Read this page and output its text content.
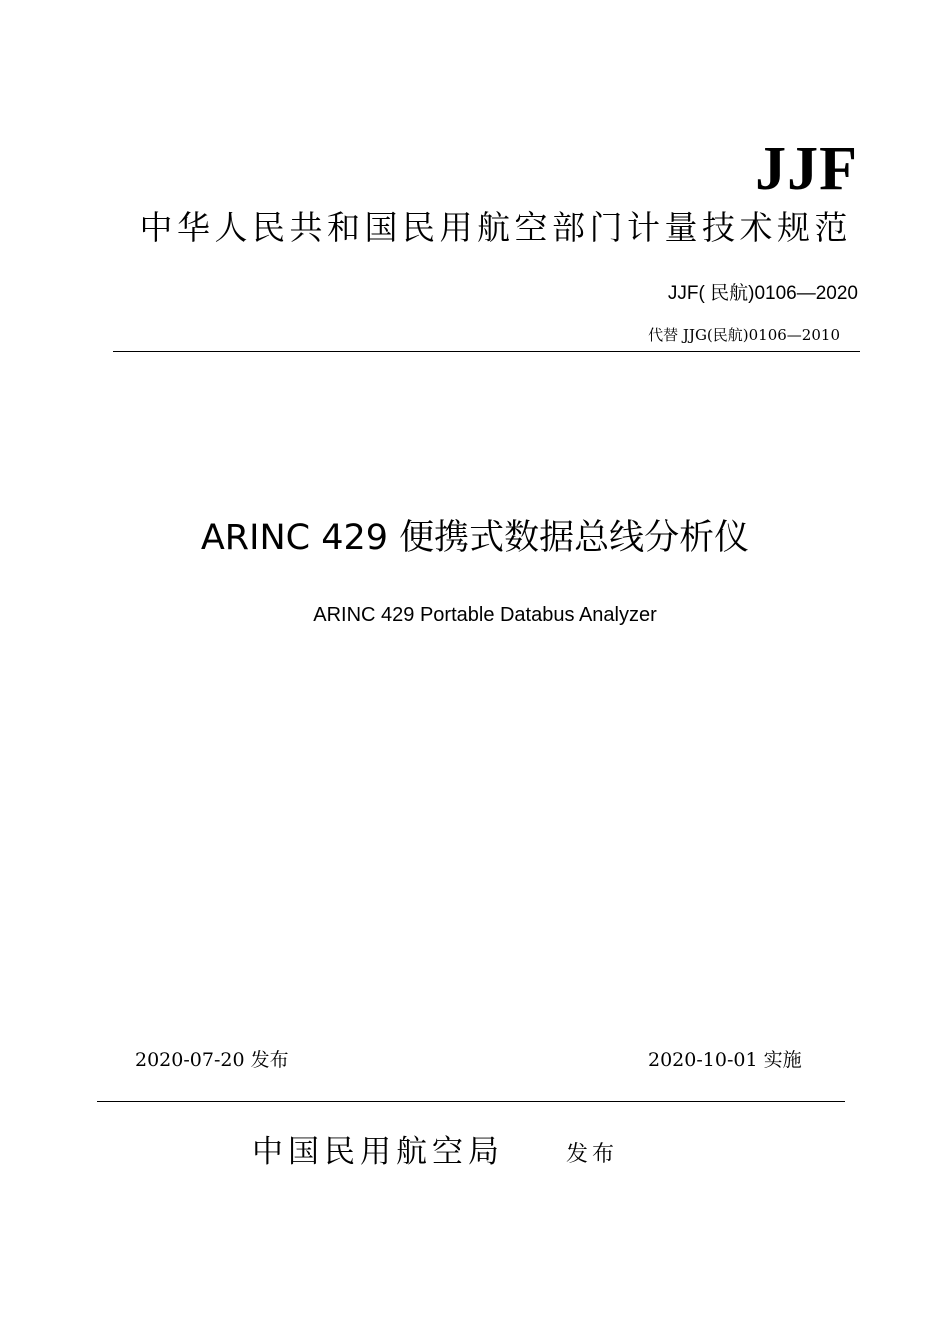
JJF
中华人民共和国民用航空部门计量技术规范
JJF( 民航)0106—2020
代替 JJG(民航)0106—2010
ARINC 429 便携式数据总线分析仪
ARINC 429 Portable Databus Analyzer
2020-07-20 发布	2020-10-01 实施
中国民用航空局	发布
